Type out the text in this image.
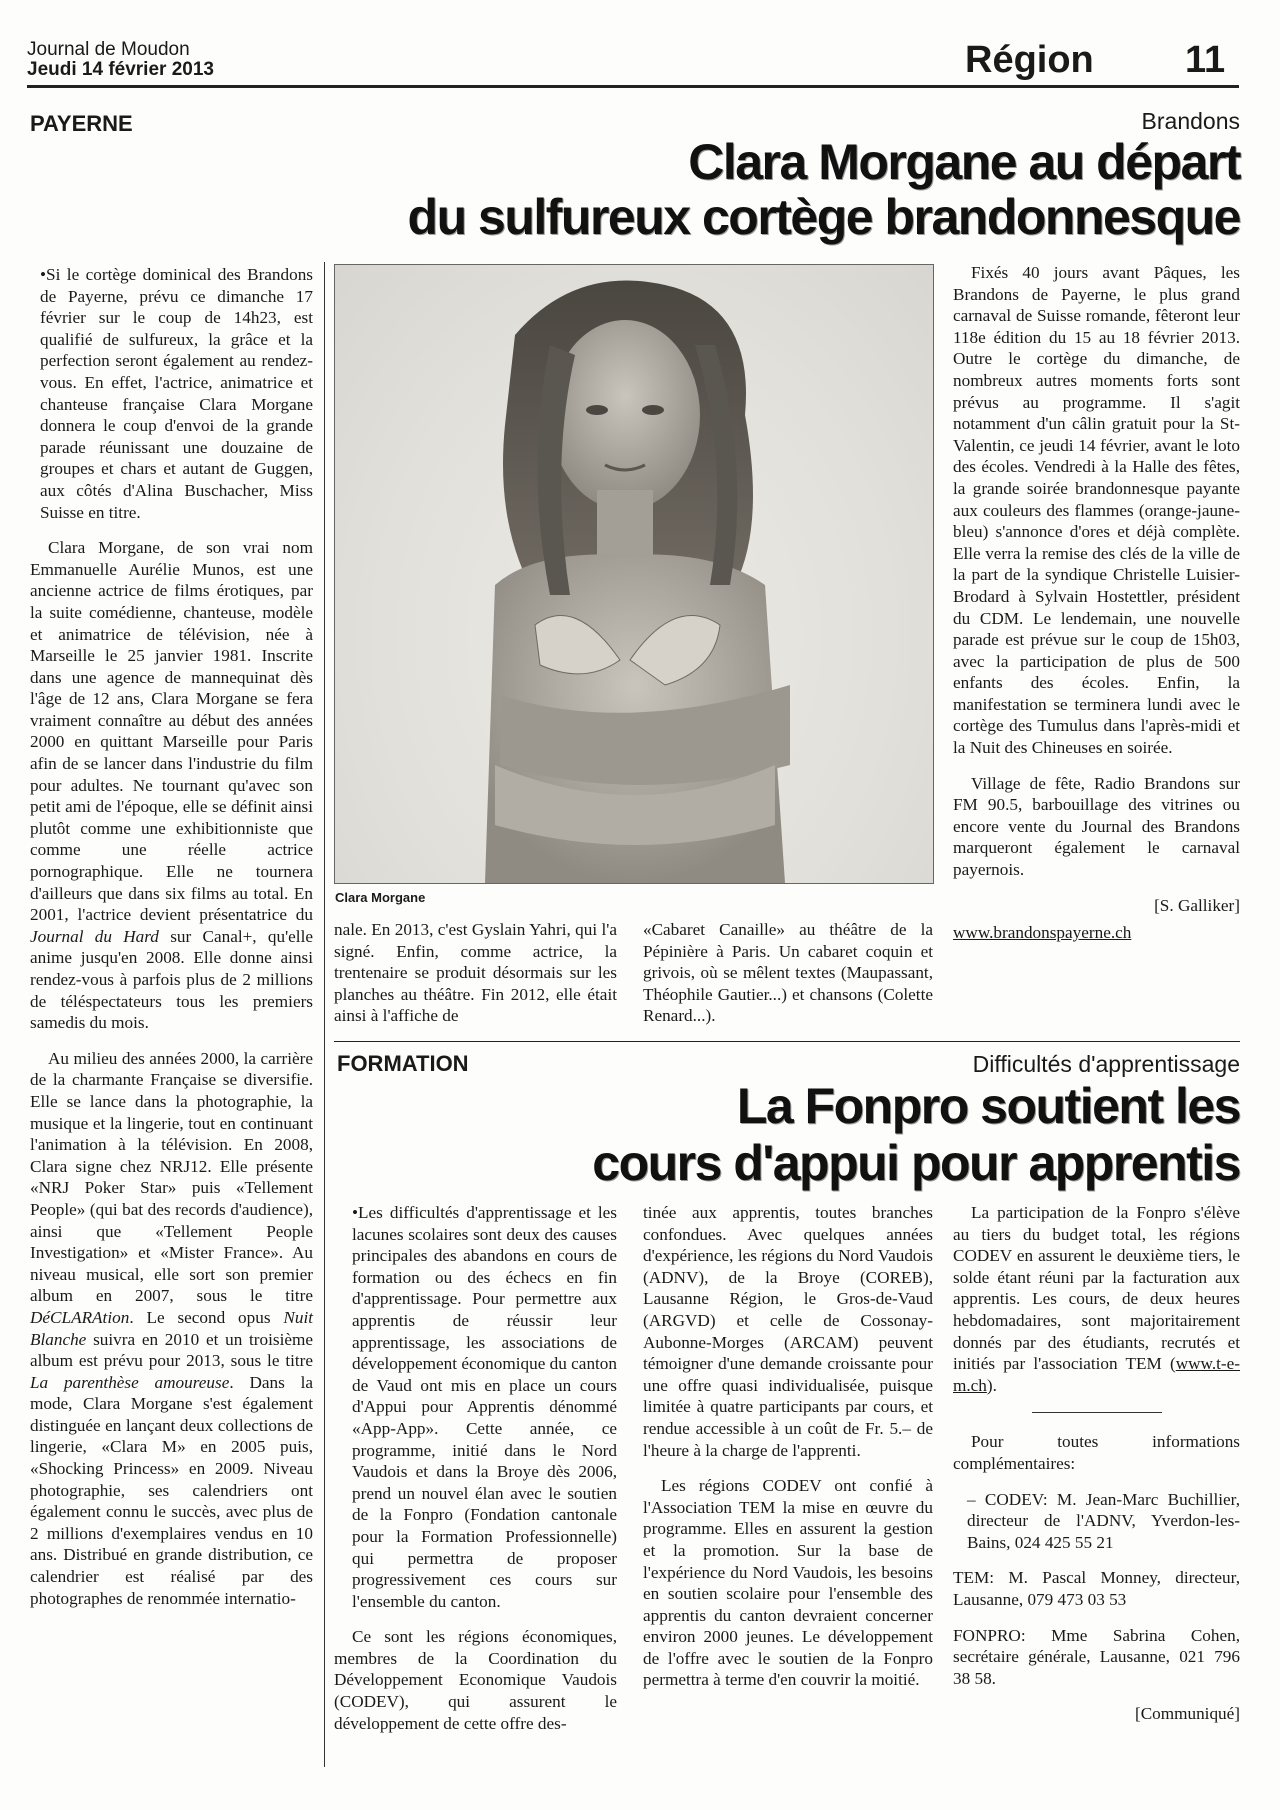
Journal de Moudon
Jeudi 14 février 2013	Région 11
PAYERNE	Brandons
Clara Morgane au départ
du sulfureux cortège brandonnesque

• Si le cortège dominical des Brandons de Payerne, prévu ce dimanche 17 février sur le coup de 14h23, est qualifié de sulfureux, la grâce et la perfection seront également au rendez-vous. En effet, l'actrice, animatrice et chanteuse française Clara Morgane donnera le coup d'envoi de la grande parade réunissant une douzaine de groupes et chars et autant de Guggen, aux côtés d'Alina Buschacher, Miss Suisse en titre.

Clara Morgane, de son vrai nom Emmanuelle Aurélie Munos, est une ancienne actrice de films érotiques, par la suite comédienne, chanteuse, modèle et animatrice de télévision, née à Marseille le 25 janvier 1981. Inscrite dans une agence de mannequinat dès l'âge de 12 ans, Clara Morgane se fera vraiment connaître au début des années 2000 en quittant Marseille pour Paris afin de se lancer dans l'industrie du film pour adultes. Ne tournant qu'avec son petit ami de l'époque, elle se définit ainsi plutôt comme une exhibitionniste que comme une réelle actrice pornographique. Elle ne tournera d'ailleurs que dans six films au total. En 2001, l'actrice devient présentatrice du Journal du Hard sur Canal+, qu'elle anime jusqu'en 2008. Elle donne ainsi rendez-vous à parfois plus de 2 millions de téléspectateurs tous les premiers samedis du mois.

Au milieu des années 2000, la carrière de la charmante Française se diversifie. Elle se lance dans la photographie, la musique et la lingerie, tout en continuant l'animation à la télévision. En 2008, Clara signe chez NRJ12. Elle présente «NRJ Poker Star» puis «Tellement People» (qui bat des records d'audience), ainsi que «Tellement People Investigation» et «Mister France». Au niveau musical, elle sort son premier album en 2007, sous le titre DéCLARAtion. Le second opus Nuit Blanche suivra en 2010 et un troisième album est prévu pour 2013, sous le titre La parenthèse amoureuse. Dans la mode, Clara Morgane s'est également distinguée en lançant deux collections de lingerie, «Clara M» en 2005 puis, «Shocking Princess» en 2009. Niveau photographie, ses calendriers ont également connu le succès, avec plus de 2 millions d'exemplaires vendus en 10 ans. Distribué en grande distribution, ce calendrier est réalisé par des photographes de renommée internatio-

Clara Morgane

Fixés 40 jours avant Pâques, les Brandons de Payerne, le plus grand carnaval de Suisse romande, fêteront leur 118e édition du 15 au 18 février 2013. Outre le cortège du dimanche, de nombreux autres moments forts sont prévus au programme. Il s'agit notamment d'un câlin gratuit pour la St-Valentin, ce jeudi 14 février, avant le loto des écoles. Vendredi à la Halle des fêtes, la grande soirée brandonnesque payante aux couleurs des flammes (orange-jaune-bleu) s'annonce d'ores et déjà complète. Elle verra la remise des clés de la ville de la part de la syndique Christelle Luisier-Brodard à Sylvain Hostettler, président du CDM. Le lendemain, une nouvelle parade est prévue sur le coup de 15h03, avec la participation de plus de 500 enfants des écoles. Enfin, la manifestation se terminera lundi avec le cortège des Tumulus dans l'après-midi et la Nuit des Chineuses en soirée.

Village de fête, Radio Brandons sur FM 90.5, barbouillage des vitrines ou encore vente du Journal des Brandons marqueront également le carnaval payernois.

[S. Galliker]

www.brandonspayerne.ch

nale. En 2013, c'est Gyslain Yahri, qui l'a signé. Enfin, comme actrice, la trentenaire se produit désormais sur les planches au théâtre. Fin 2012, elle était ainsi à l'affiche de

«Cabaret Canaille» au théâtre de la Pépinière à Paris. Un cabaret coquin et grivois, où se mêlent textes (Maupassant, Théophile Gautier...) et chansons (Colette Renard...).

FORMATION	Difficultés d'apprentissage
La Fonpro soutient les
cours d'appui pour apprentis

• Les difficultés d'apprentissage et les lacunes scolaires sont deux des causes principales des abandons en cours de formation ou des échecs en fin d'apprentissage. Pour permettre aux apprentis de réussir leur apprentissage, les associations de développement économique du canton de Vaud ont mis en place un cours d'Appui pour Apprentis dénommé «App-App». Cette année, ce programme, initié dans le Nord Vaudois et dans la Broye dès 2006, prend un nouvel élan avec le soutien de la Fonpro (Fondation cantonale pour la Formation Professionnelle) qui permettra de proposer progressivement ces cours sur l'ensemble du canton.

Ce sont les régions économiques, membres de la Coordination du Développement Economique Vaudois (CODEV), qui assurent le développement de cette offre des-

tinée aux apprentis, toutes branches confondues. Avec quelques années d'expérience, les régions du Nord Vaudois (ADNV), de la Broye (COREB), Lausanne Région, le Gros-de-Vaud (ARGVD) et celle de Cossonay-Aubonne-Morges (ARCAM) peuvent témoigner d'une demande croissante pour une offre quasi individualisée, puisque limitée à quatre participants par cours, et rendue accessible à un coût de Fr. 5.– de l'heure à la charge de l'apprenti.

Les régions CODEV ont confié à l'Association TEM la mise en œuvre du programme. Elles en assurent la gestion et la promotion. Sur la base de l'expérience du Nord Vaudois, les besoins en soutien scolaire pour l'ensemble des apprentis du canton devraient concerner environ 2000 jeunes. Le développement de l'offre avec le soutien de la Fonpro permettra à terme d'en couvrir la moitié.

La participation de la Fonpro s'élève au tiers du budget total, les régions CODEV en assurent le deuxième tiers, le solde étant réuni par la facturation aux apprentis. Les cours, de deux heures hebdomadaires, sont majoritairement donnés par des étudiants, recrutés et initiés par l'association TEM (www.t-e-m.ch).

Pour toutes informations complémentaires:

– CODEV: M. Jean-Marc Buchillier, directeur de l'ADNV, Yverdon-les-Bains, 024 425 55 21

TEM: M. Pascal Monney, directeur, Lausanne, 079 473 03 53

FONPRO: Mme Sabrina Cohen, secrétaire générale, Lausanne, 021 796 38 58.

[Communiqué]
